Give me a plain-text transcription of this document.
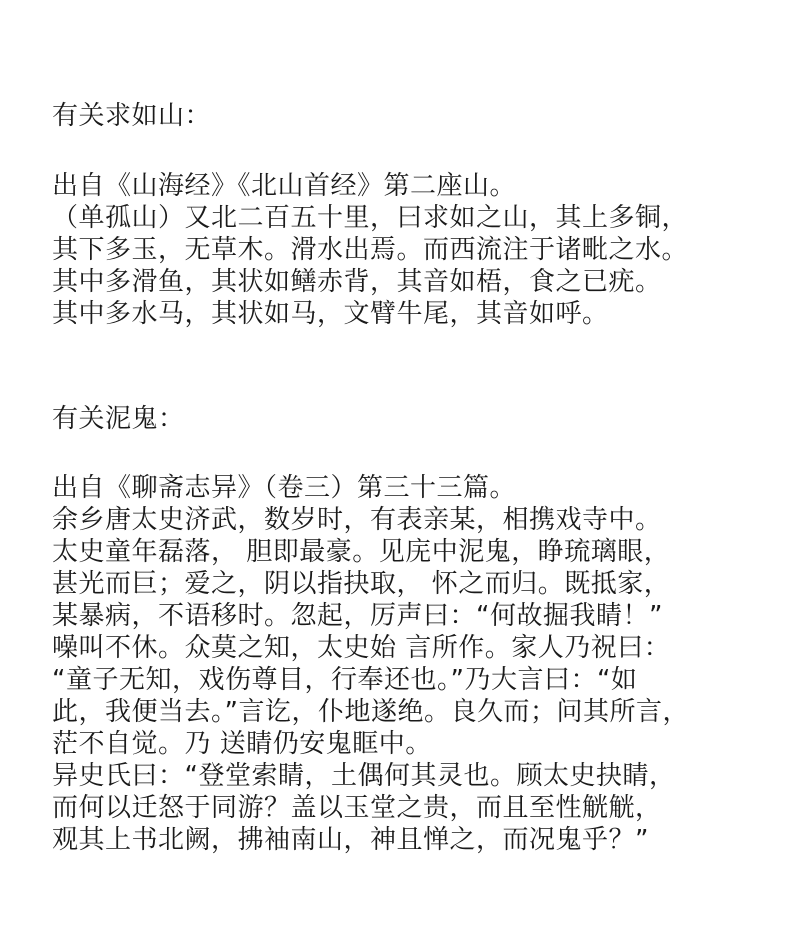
有关求如山：
出自《山海经》《北山首经》第二座山。
（单孤山）又北二百五十里，曰求如之山，其上多铜，
其下多玉，无草木。滑水出焉。而西流注于诸毗之水。
其中多滑鱼，其状如鳝赤背，其音如梧，食之已疣。
其中多水马，其状如马，文臂牛尾，其音如呼。
有关泥鬼：
出自《聊斋志异》（卷三）第三十三篇。
余乡唐太史济武，数岁时，有表亲某，相携戏寺中。
太史童年磊落， 胆即最豪。见庑中泥鬼，睁琉璃眼，
甚光而巨；爱之，阴以指抉取， 怀之而归。既抵家，
某暴病，不语移时。忽起，厉声曰：“何故掘我睛！”
噪叫不休。众莫之知，太史始 言所作。家人乃祝曰：
“童子无知，戏伤尊目，行奉还也。”乃大言曰：“如
此，我便当去。”言讫，仆地遂绝。良久而；问其所言，
茫不自觉。乃 送睛仍安鬼眶中。
异史氏曰：“登堂索睛，土偶何其灵也。顾太史抉睛，
而何以迁怒于同游？盖以玉堂之贵，而且至性觥觥，
观其上书北阙，拂袖南山，神且惮之，而况鬼乎？”
